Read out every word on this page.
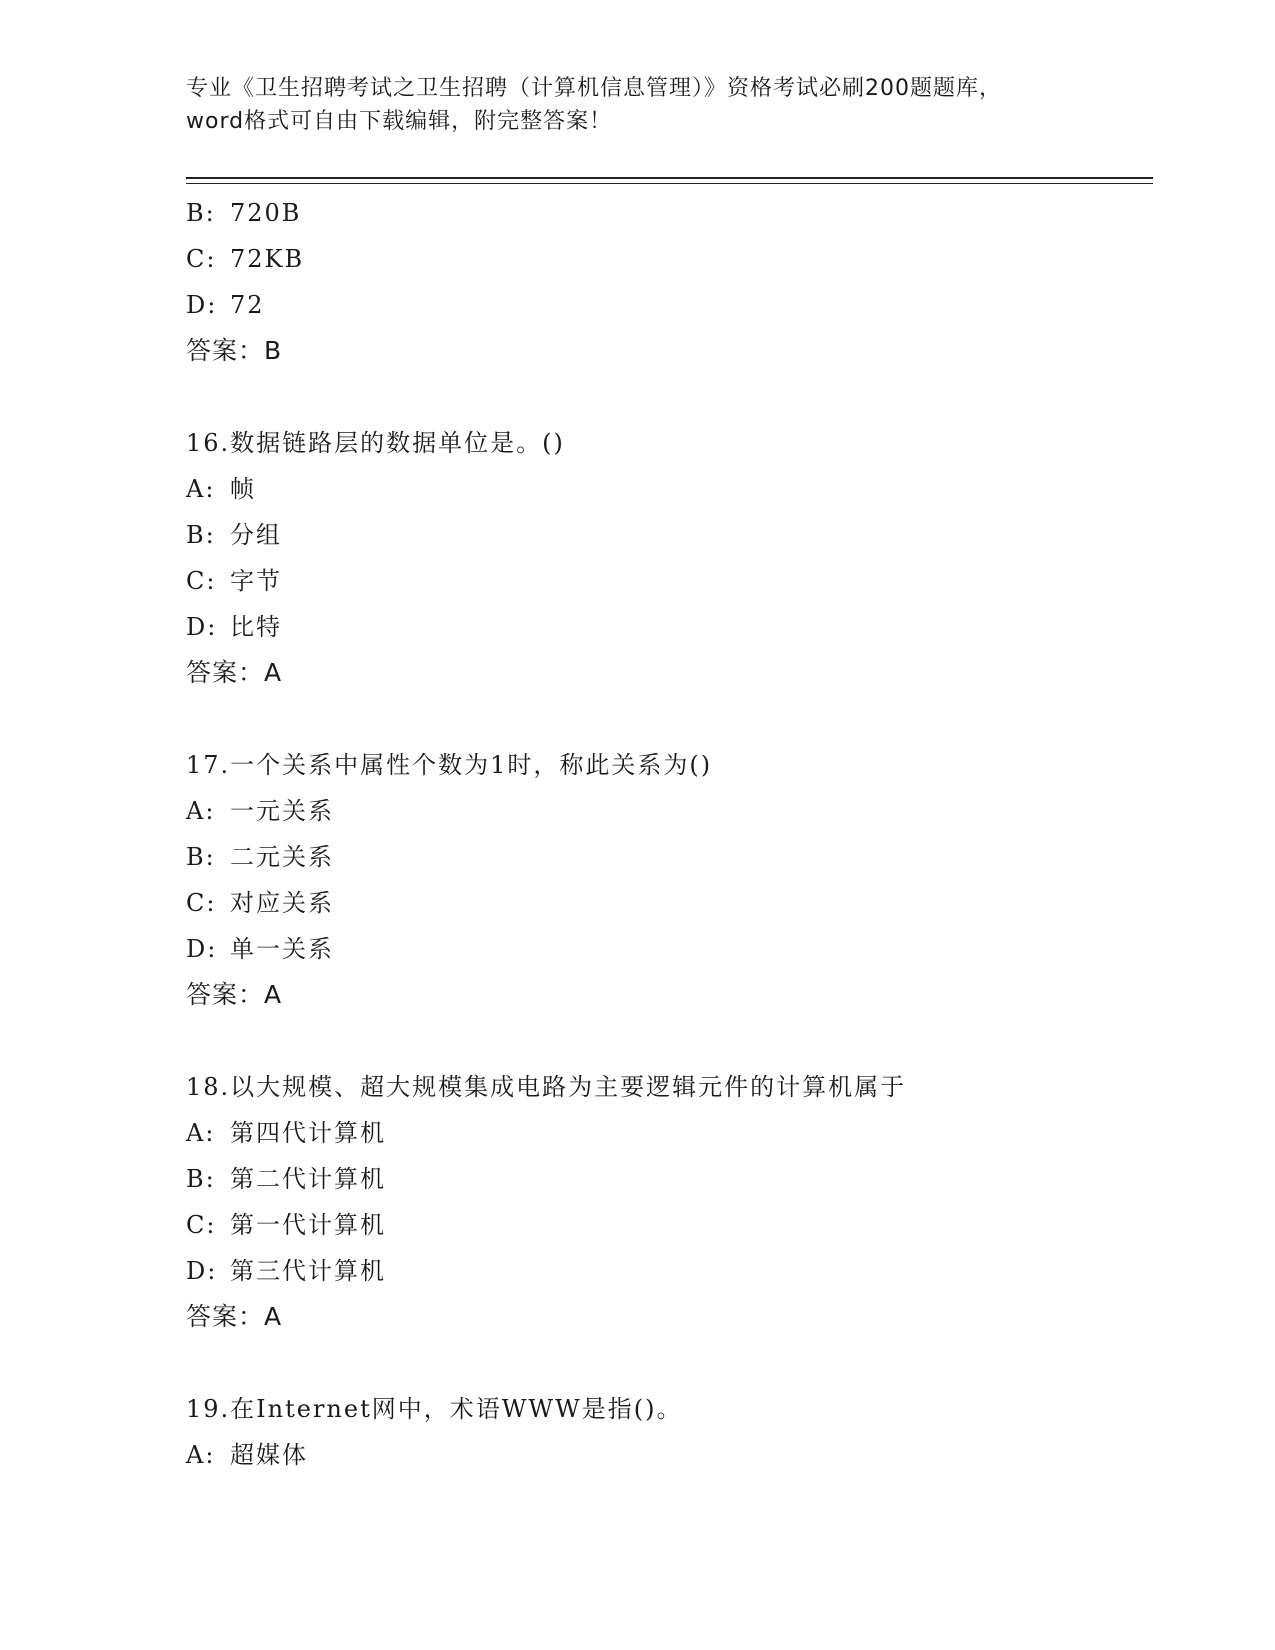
专业《卫生招聘考试之卫生招聘（计算机信息管理）》资格考试必刷200题题库，
word格式可自由下载编辑，附完整答案！
B: 720B
C: 72KB
D: 72
答案：B
16.数据链路层的数据单位是。()
A: 帧
B: 分组
C: 字节
D: 比特
答案：A
17.一个关系中属性个数为1时，称此关系为()
A: 一元关系
B: 二元关系
C: 对应关系
D: 单一关系
答案：A
18.以大规模、超大规模集成电路为主要逻辑元件的计算机属于
A: 第四代计算机
B: 第二代计算机
C: 第一代计算机
D: 第三代计算机
答案：A
19.在Internet网中，术语WWW是指()。
A: 超媒体
